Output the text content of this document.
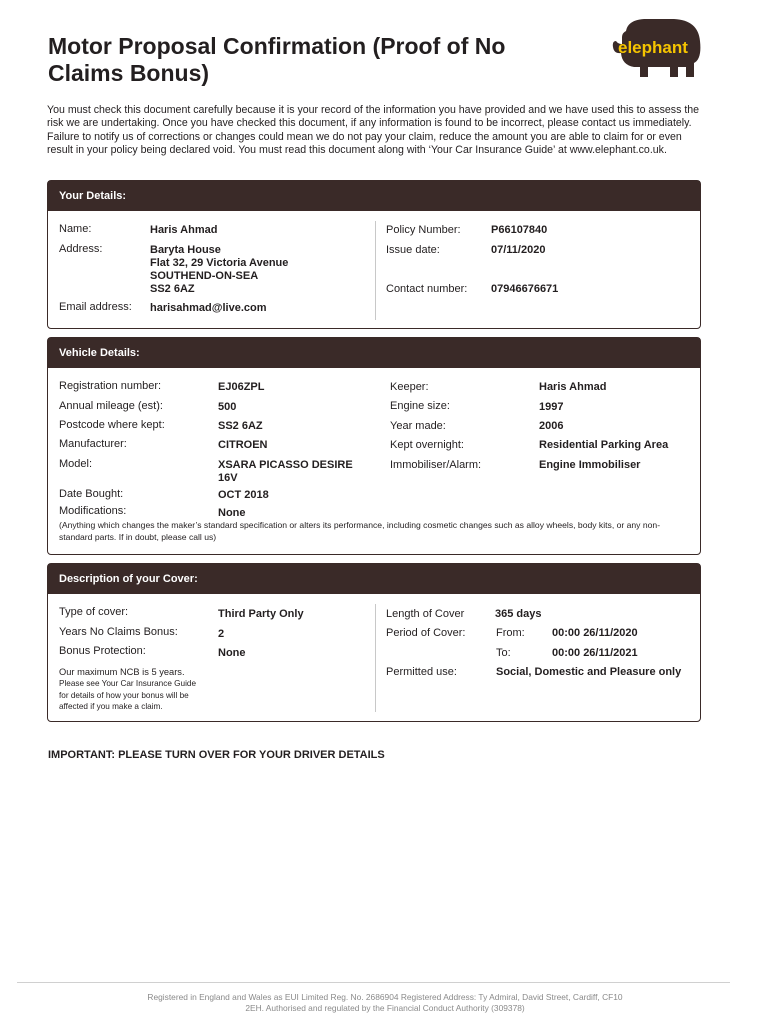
Motor Proposal Confirmation (Proof of No Claims Bonus)
elephant

You must check this document carefully because it is your record of the information you have provided and we have used this to assess the risk we are undertaking. Once you have checked this document, if any information is found to be incorrect, please contact us immediately. Failure to notify us of corrections or changes could mean we do not pay your claim, reduce the amount you are able to claim for or even result in your policy being declared void. You must read this document along with ‘Your Car Insurance Guide’ at www.elephant.co.uk.

Your Details:
Name:	Haris Ahmad
Address:	Baryta House
Flat 32, 29 Victoria Avenue
SOUTHEND-ON-SEA
SS2 6AZ
Email address: harisahmad@live.com
Policy Number:	P66107840
Issue date:	07/11/2020
Contact number: 07946676671
Vehicle Details:
Registration number:	EJ06ZPL
Annual mileage (est):	500
Postcode where kept:	SS2 6AZ
Manufacturer:	CITROEN
Model:	XSARA PICASSO DESIRE
16V
Date Bought:	OCT 2018
Modifications:	None
(Anything which changes the maker’s standard specification or alters its performance, including cosmetic changes such as alloy wheels, body kits, or any non-standard parts. If in doubt, please call us)
Keeper:	Haris Ahmad
Engine size:	1997
Year made:	2006
Kept overnight:	Residential Parking Area
Immobiliser/Alarm:	Engine Immobiliser
Description of your Cover:
Type of cover:	Third Party Only
Years No Claims Bonus:	2
Bonus Protection:	None
Our maximum NCB is 5 years.
Please see Your Car Insurance Guide
for details of how your bonus will be
affected if you make a claim.
Length of Cover	365 days
Period of Cover:	From: 00:00 26/11/2020
To:	00:00 26/11/2021
Permitted use:	Social, Domestic and Pleasure only
IMPORTANT: PLEASE TURN OVER FOR YOUR DRIVER DETAILS

Registered in England and Wales as EUI Limited Reg. No. 2686904 Registered Address: Ty Admiral, David Street, Cardiff, CF10 2EH. Authorised and regulated by the Financial Conduct Authority (309378)
